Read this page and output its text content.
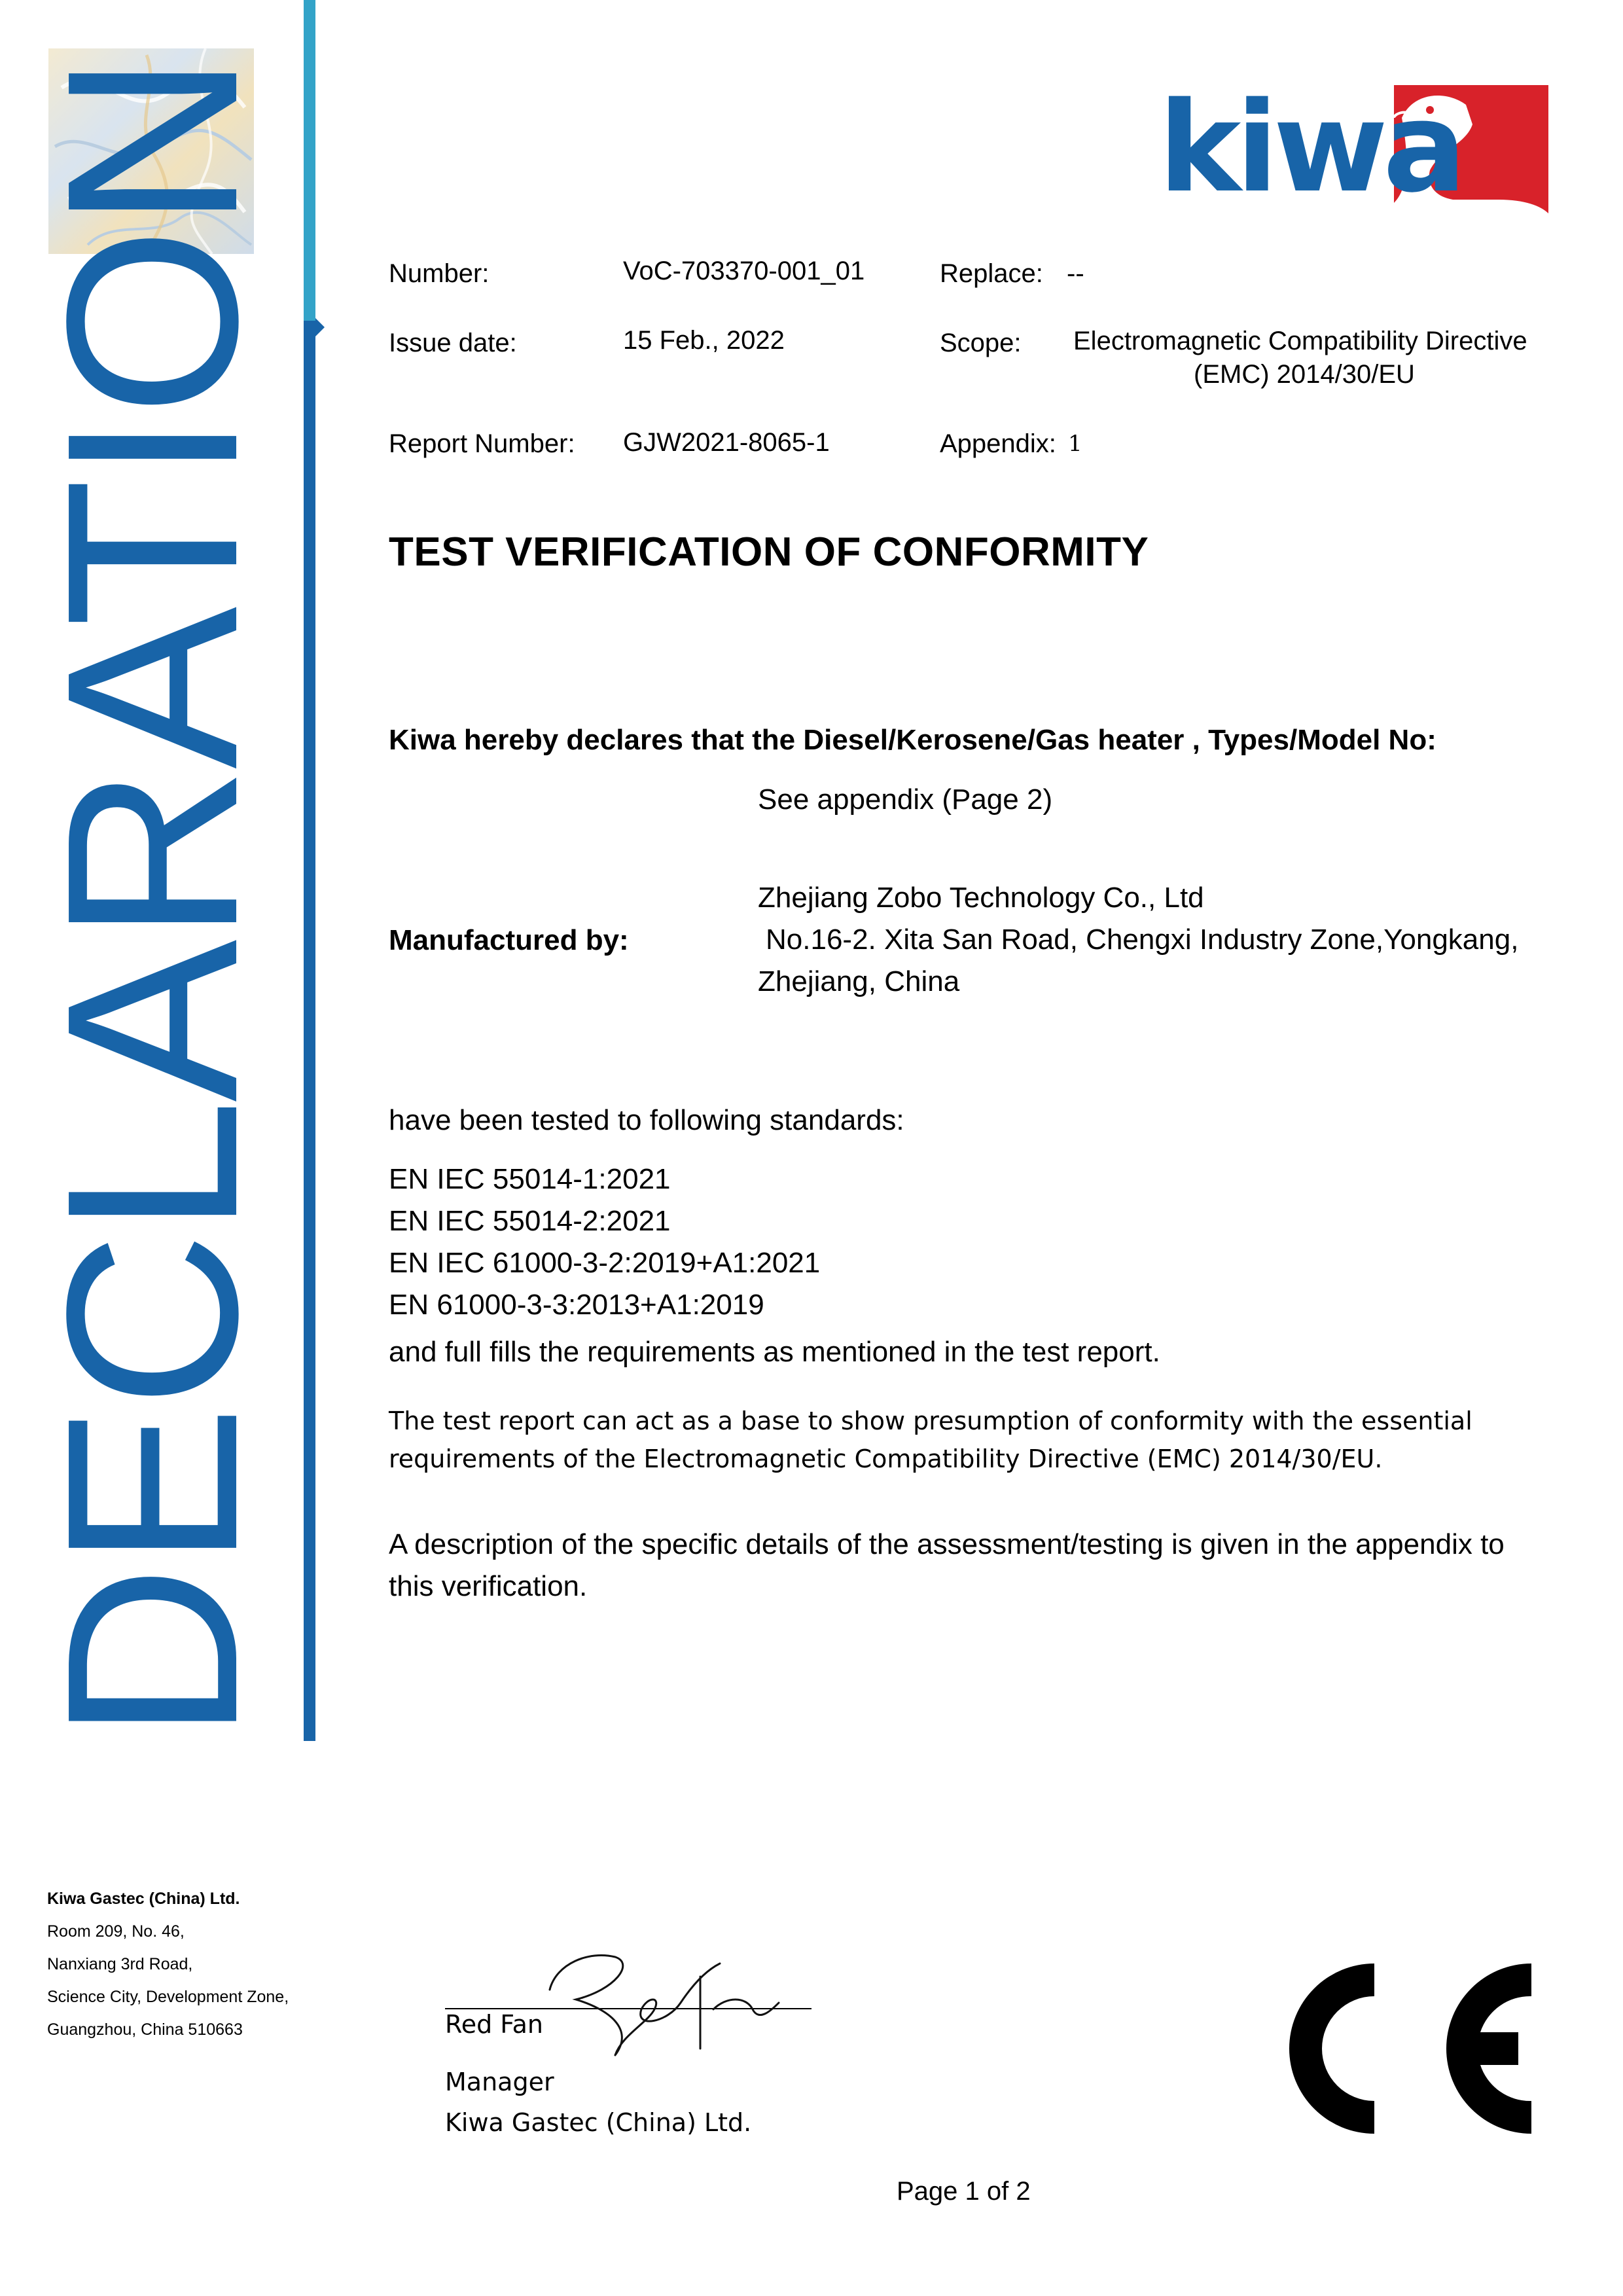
DECLARATION	kiwa
Number:	VoC-703370-001_01	Replace: --
Issue date:	15 Feb., 2022	Scope: Electromagnetic Compatibility Directive
(EMC) 2014/30/EU
Report Number: GJW2021-8065-1	Appendix: 1
TEST VERIFICATION OF CONFORMITY
Kiwa hereby declares that the Diesel/Kerosene/Gas heater , Types/Model No:
See appendix (Page 2)
Zhejiang Zobo Technology Co., Ltd
Manufactured by:	No.16-2. Xita San Road, Chengxi Industry Zone,Yongkang,
Zhejiang, China
have been tested to following standards:
EN IEC 55014-1:2021
EN IEC 55014-2:2021
EN IEC 61000-3-2:2019+A1:2021
EN 61000-3-3:2013+A1:2019
and full fills the requirements as mentioned in the test report.
The test report can act as a base to show presumption of conformity with the essential
requirements of the Electromagnetic Compatibility Directive (EMC) 2014/30/EU.
A description of the specific details of the assessment/testing is given in the appendix to
this verification.
Kiwa Gastec (China) Ltd.
Room 209, No. 46,
Nanxiang 3rd Road,
Science City, Development Zone,
Guangzhou, China 510663	Red Fan
Manager
Kiwa Gastec (China) Ltd.
Page 1 of 2
